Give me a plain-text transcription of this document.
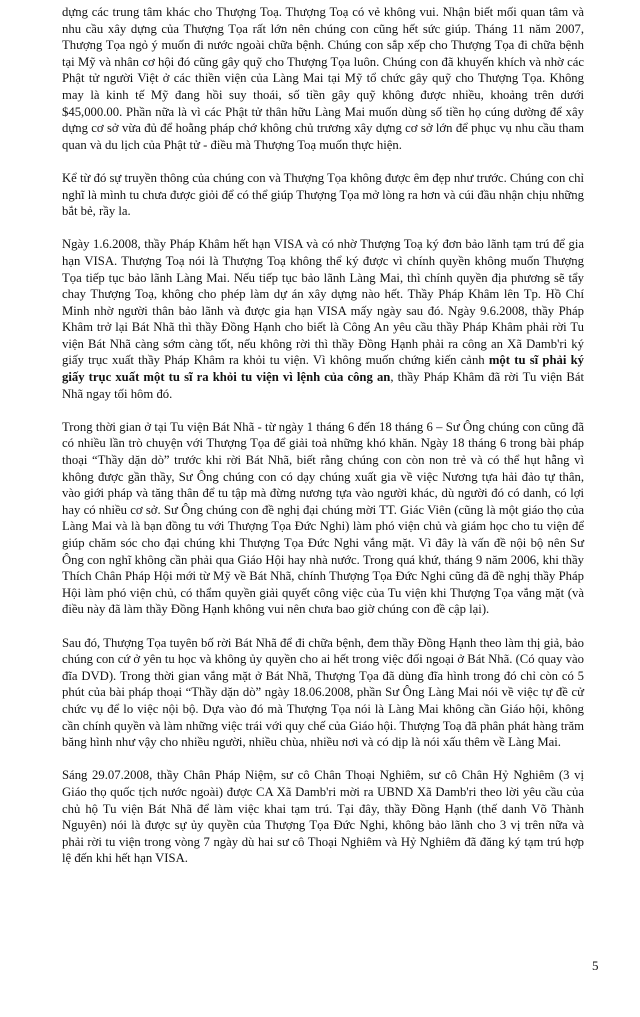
dựng các trung tâm khác cho Thượng Toạ. Thượng Toạ có vẻ không vui. Nhận biết mối quan tâm và nhu cầu xây dựng của Thượng Tọa rất lớn nên chúng con cũng hết sức giúp. Tháng 11 năm 2007, Thượng Tọa ngỏ ý muốn đi nước ngoài chữa bệnh. Chúng con sắp xếp cho Thượng Tọa đi chữa bệnh tại Mỹ và nhân cơ hội đó cũng gây quỹ cho Thượng Tọa luôn. Chúng con đã khuyến khích và nhờ các Phật tử người Việt ở các thiền viện của Làng Mai tại Mỹ tổ chức gây quỹ cho Thượng Tọa. Không may là kinh tế Mỹ đang hồi suy thoái, số tiền gây quỹ không được nhiều, khoảng trên dưới $45,000.00. Phần nữa là vì các Phật tử thân hữu Làng Mai muốn dùng số tiền họ cúng dường để xây dựng cơ sở vừa đủ để hoằng pháp chớ không chủ trương xây dựng cơ sở lớn để phục vụ nhu cầu tham quan và du lịch của Phật tử - điều mà Thượng Toạ muốn thực hiện.

Kể từ đó sự truyền thông của chúng con và Thượng Tọa không được êm đẹp như trước. Chúng con chỉ nghĩ là mình tu chưa được giỏi để có thể giúp Thượng Tọa mở lòng ra hơn và cúi đầu nhận chịu những bắt bẻ, rầy la.

Ngày 1.6.2008, thầy Pháp Khâm hết hạn VISA và có nhờ Thượng Toạ ký đơn bảo lãnh tạm trú để gia hạn VISA. Thượng Toạ nói là Thượng Toạ không thể ký được vì chính quyền không muốn Thượng Tọa tiếp tục bảo lãnh Làng Mai. Nếu tiếp tục bảo lãnh Làng Mai, thì chính quyền địa phương sẽ tẩy chay Thượng Toạ, không cho phép làm dự án xây dựng nào hết. Thầy Pháp Khâm lên Tp. Hồ Chí Minh nhờ người thân bảo lãnh và được gia hạn VISA mấy ngày sau đó. Ngày 9.6.2008, thầy Pháp Khâm trở lại Bát Nhã thì thầy Đồng Hạnh cho biết là Công An yêu cầu thầy Pháp Khâm phải rời Tu viện Bát Nhã càng sớm càng tốt, nếu không rời thì thầy Đồng Hạnh phải ra công an Xã Damb'ri ký giấy trục xuất thầy Pháp Khâm ra khỏi tu viện. Vì không muốn chứng kiến cảnh một tu sĩ phải ký giấy trục xuất một tu sĩ ra khỏi tu viện vì lệnh của công an, thầy Pháp Khâm đã rời Tu viện Bát Nhã ngay tối hôm đó.

Trong thời gian ở tại Tu viện Bát Nhã - từ ngày 1 tháng 6 đến 18 tháng 6 – Sư Ông chúng con cũng đã có nhiều lần trò chuyện với Thượng Tọa để giải toả những khó khăn. Ngày 18 tháng 6 trong bài pháp thoại “Thầy dặn dò” trước khi rời Bát Nhã, biết rằng chúng con còn non trẻ và có thể hụt hẫng vì không được gần thầy, Sư Ông chúng con có dạy chúng xuất gia về việc Nương tựa hải đảo tự thân, vào giới pháp và tăng thân để tu tập mà đừng nương tựa vào người khác, dù người đó có danh, có lợi hay có nhiều cơ sở. Sư Ông chúng con đề nghị đại chúng mời TT. Giác Viên (cũng là một giáo thọ của Làng Mai và là bạn đồng tu với Thượng Tọa Đức Nghi) làm phó viện chủ và giám học cho tu viện để giúp chăm sóc cho đại chúng khi Thượng Tọa Đức Nghi vắng mặt. Vì đây là vấn đề nội bộ nên Sư Ông con nghĩ không cần phải qua Giáo Hội hay nhà nước. Trong quá khứ, tháng 9 năm 2006, khi thầy Thích Chân Pháp Hội mới từ Mỹ về Bát Nhã, chính Thượng Tọa Đức Nghi cũng đã đề nghị thầy Pháp Hội làm phó viện chủ, có thẩm quyền giải quyết công việc của Tu viện khi Thượng Tọa vắng mặt (và điều này đã làm thầy Đồng Hạnh không vui nên chưa bao giờ chúng con đề cập lại).

Sau đó, Thượng Tọa tuyên bố rời Bát Nhã để đi chữa bệnh, đem thầy Đồng Hạnh theo làm thị giả, bảo chúng con cứ ở yên tu học và không ủy quyền cho ai hết trong việc đối ngoại ở Bát Nhã. (Có quay vào đĩa DVD). Trong thời gian vắng mặt ở Bát Nhã, Thượng Tọa đã dùng đĩa hình trong đó chỉ còn có 5 phút của bài pháp thoại “Thầy dặn dò” ngày 18.06.2008, phần Sư Ông Làng Mai nói về việc tự đề cử chức vụ để lo việc nội bộ. Dựa vào đó mà Thượng Tọa nói là Làng Mai không cần Giáo hội, không cần chính quyền và làm những việc trái với quy chế của Giáo hội. Thượng Toạ đã phân phát hàng trăm băng hình như vậy cho nhiều người, nhiều chùa, nhiều nơi và có dịp là nói xấu thêm về Làng Mai.

Sáng 29.07.2008, thầy Chân Pháp Niệm, sư cô Chân Thoại Nghiêm, sư cô Chân Hỷ Nghiêm (3 vị Giáo thọ quốc tịch nước ngoài) được CA Xã Damb'ri mời ra UBND Xã Damb'ri theo lời yêu cầu của chủ hộ Tu viện Bát Nhã để làm việc khai tạm trú. Tại đây, thầy Đồng Hạnh (thế danh Võ Thành Nguyên) nói là được sự ủy quyền của Thượng Tọa Đức Nghi, không bảo lãnh cho 3 vị trên nữa và phải rời tu viện trong vòng 7 ngày dù hai sư cô Thoại Nghiêm và Hỷ Nghiêm đã đăng ký tạm trú hợp lệ đến khi hết hạn VISA.

5
